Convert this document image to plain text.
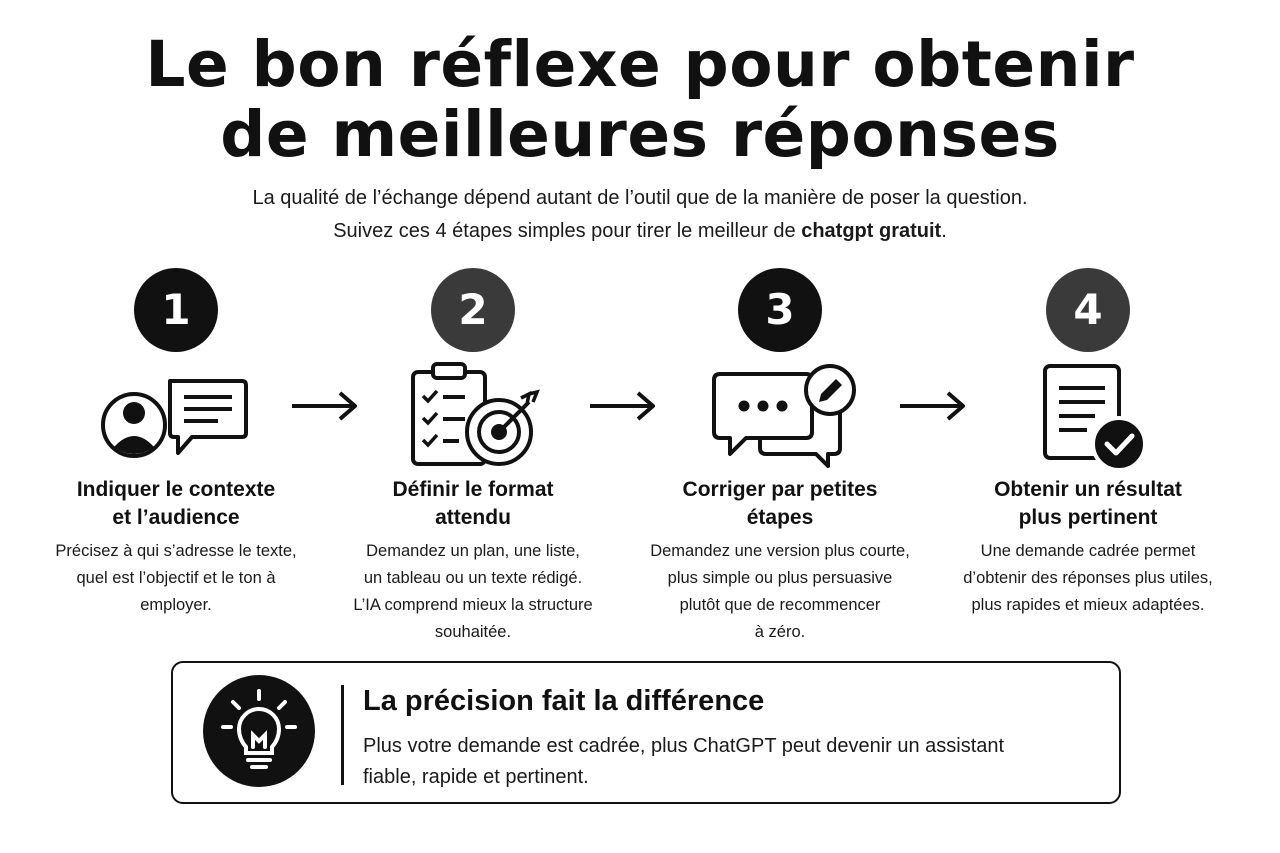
Le bon réflexe pour obtenir
de meilleures réponses
La qualité de l’échange dépend autant de l’outil que de la manière de poser la question.
Suivez ces 4 étapes simples pour tirer le meilleur de chatgpt gratuit.
1
Indiquer le contexte
et l’audience
Précisez à qui s’adresse le texte,
quel est l’objectif et le ton à
employer.
2
Définir le format
attendu
Demandez un plan, une liste,
un tableau ou un texte rédigé.
L’IA comprend mieux la structure
souhaitée.
3
Corriger par petites
étapes
Demandez une version plus courte,
plus simple ou plus persuasive
plutôt que de recommencer
à zéro.
4
Obtenir un résultat
plus pertinent
Une demande cadrée permet
d’obtenir des réponses plus utiles,
plus rapides et mieux adaptées.
La précision fait la différence
Plus votre demande est cadrée, plus ChatGPT peut devenir un assistant
fiable, rapide et pertinent.
